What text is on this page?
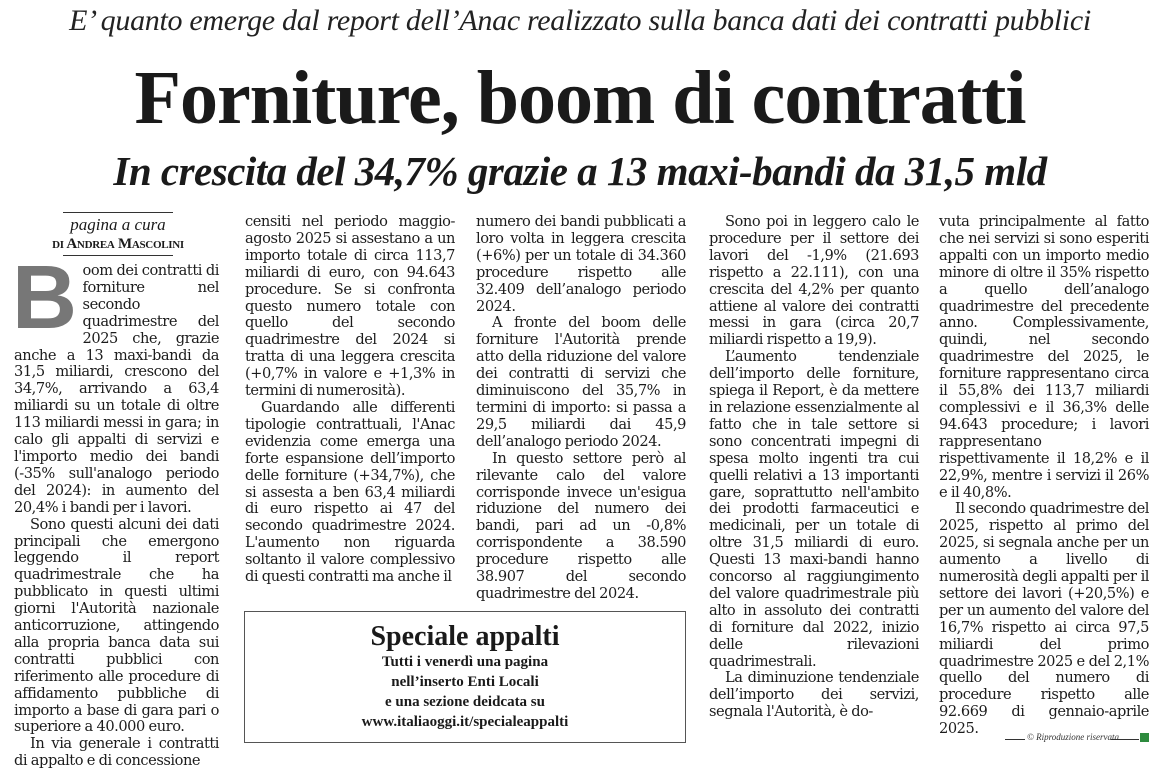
E’ quanto emerge dal report dell’Anac realizzato sulla banca dati dei contratti pubblici
Forniture, boom di contratti
In crescita del 34,7% grazie a 13 maxi-bandi da 31,5 mld
pagina a cura
di Andrea Mascolini

Boom dei contratti di forniture nel secondo quadrimestre del 2025 che, grazie anche a 13 maxi-bandi da 31,5 miliardi, crescono del 34,7%, arrivando a 63,4 miliardi su un totale di oltre 113 miliardi messi in gara; in calo gli appalti di servizi e l'importo medio dei bandi (-35% sull'analogo periodo del 2024): in aumento del 20,4% i bandi per i lavori.

Sono questi alcuni dei dati principali che emergono leggendo il report quadrimestrale che ha pubblicato in questi ultimi giorni l'Autorità nazionale anticorruzione, attingendo alla propria banca data sui contratti pubblici con riferimento alle procedure di affidamento pubbliche di importo a base di gara pari o superiore a 40.000 euro.

In via generale i contratti di appalto e di concessione

censiti nel periodo maggio-agosto 2025 si assestano a un importo totale di circa 113,7 miliardi di euro, con 94.643 procedure. Se si confronta questo numero totale con quello del secondo quadrimestre del 2024 si tratta di una leggera crescita (+0,7% in valore e +1,3% in termini di numerosità).

Guardando alle differenti tipologie contrattuali, l'Anac evidenzia come emerga una forte espansione dell’importo delle forniture (+34,7%), che si assesta a ben 63,4 miliardi di euro rispetto ai 47 del secondo quadrimestre 2024. L'aumento non riguarda soltanto il valore complessivo di questi contratti ma anche il

numero dei bandi pubblicati a loro volta in leggera crescita (+6%) per un totale di 34.360 procedure rispetto alle 32.409 dell’analogo periodo 2024.

A fronte del boom delle forniture l'Autorità prende atto della riduzione del valore dei contratti di servizi che diminuiscono del 35,7% in termini di importo: si passa a 29,5 miliardi dai 45,9 dell’analogo periodo 2024.

In questo settore però al rilevante calo del valore corrisponde invece un'esigua riduzione del numero dei bandi, pari ad un -0,8% corrispondente a 38.590 procedure rispetto alle 38.907 del secondo quadrimestre del 2024.

Sono poi in leggero calo le procedure per il settore dei lavori del -1,9% (21.693 rispetto a 22.111), con una crescita del 4,2% per quanto attiene al valore dei contratti messi in gara (circa 20,7 miliardi rispetto a 19,9).

L’aumento tendenziale dell’importo delle forniture, spiega il Report, è da mettere in relazione essenzialmente al fatto che in tale settore si sono concentrati impegni di spesa molto ingenti tra cui quelli relativi a 13 importanti gare, soprattutto nell'ambito dei prodotti farmaceutici e medicinali, per un totale di oltre 31,5 miliardi di euro. Questi 13 maxi-bandi hanno concorso al raggiungimento del valore quadrimestrale più alto in assoluto dei contratti di forniture dal 2022, inizio delle rilevazioni quadrimestrali.

La diminuzione tendenziale dell’importo dei servizi, segnala l'Autorità, è do-

vuta principalmente al fatto che nei servizi si sono esperiti appalti con un importo medio minore di oltre il 35% rispetto a quello dell’analogo quadrimestre del precedente anno. Complessivamente, quindi, nel secondo quadrimestre del 2025, le forniture rappresentano circa il 55,8% dei 113,7 miliardi complessivi e il 36,3% delle 94.643 procedure; i lavori rappresentano rispettivamente il 18,2% e il 22,9%, mentre i servizi il 26% e il 40,8%.

Il secondo quadrimestre del 2025, rispetto al primo del 2025, si segnala anche per un aumento a livello di numerosità degli appalti per il settore dei lavori (+20,5%) e per un aumento del valore del 16,7% rispetto ai circa 97,5 miliardi del primo quadrimestre 2025 e del 2,1% quello del numero di procedure rispetto alle 92.669 di gennaio-aprile 2025.

Speciale appalti
Tutti i venerdì una pagina
nell’inserto Enti Locali
e una sezione deidcata su
www.italiaoggi.it/specialeappalti
© Riproduzione riservata
